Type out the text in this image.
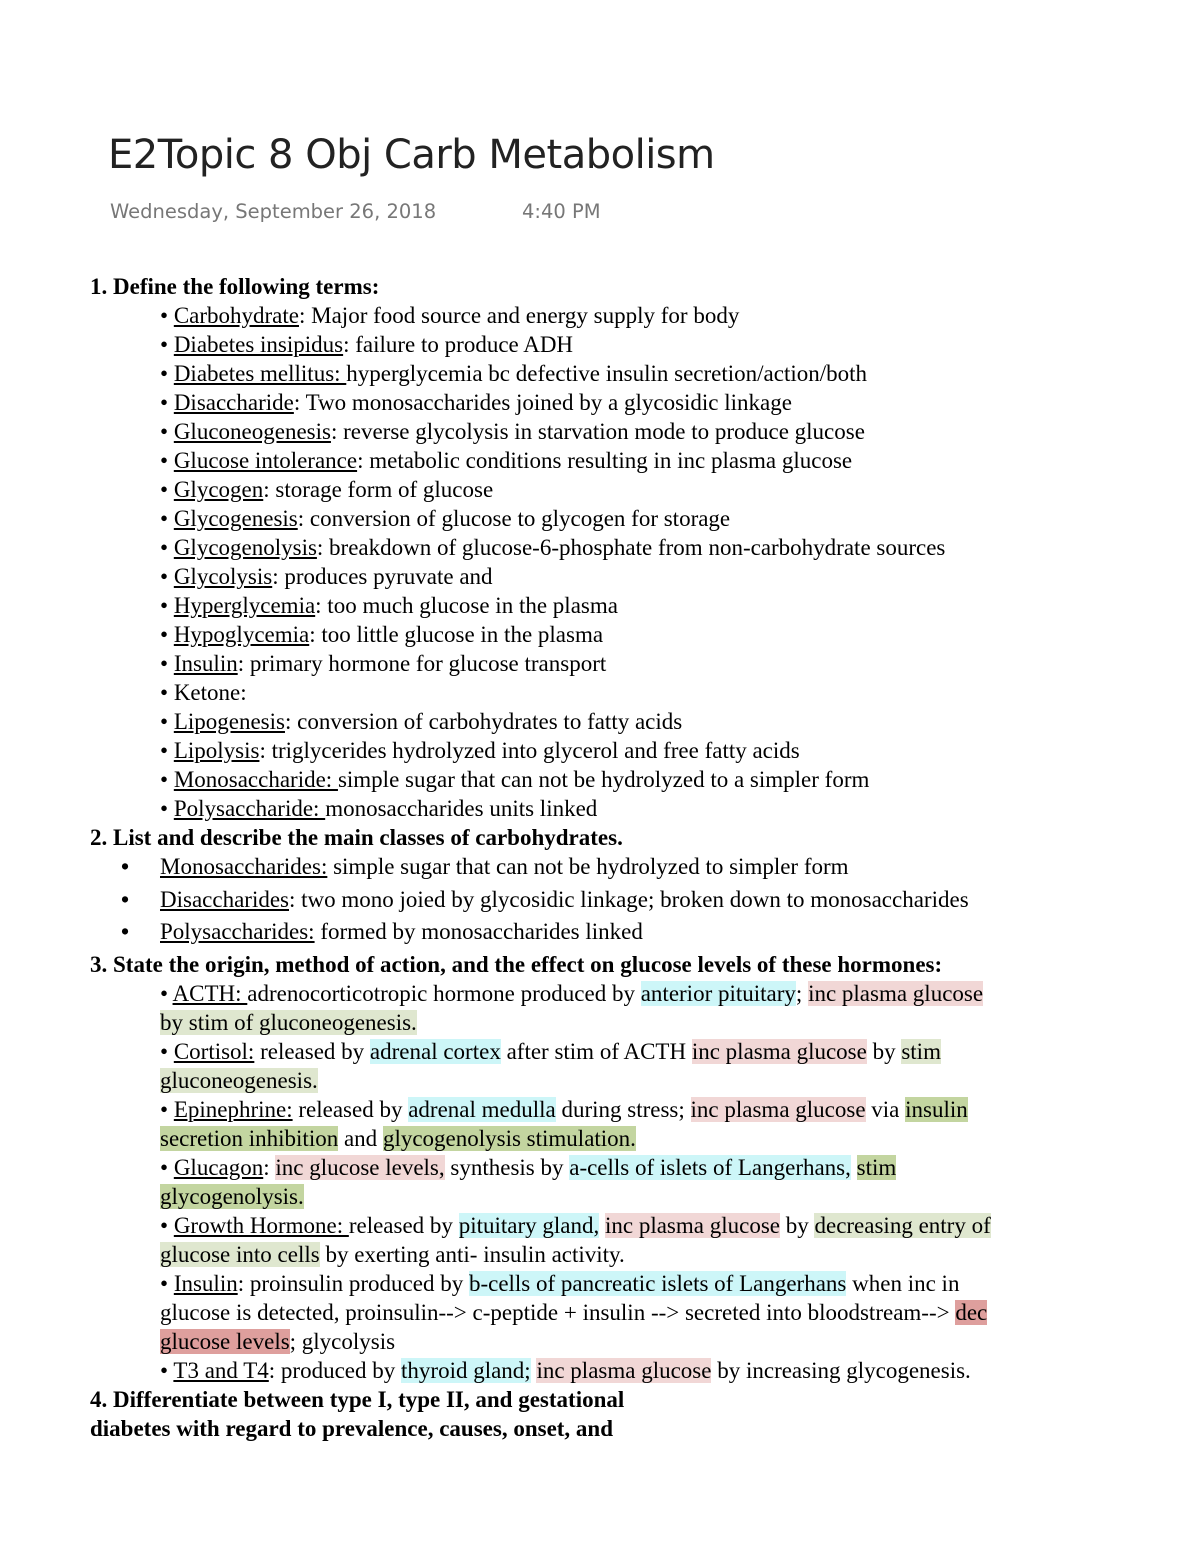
E2Topic 8 Obj Carb Metabolism
Wednesday, September 26, 2018	4:40 PM
1. Define the following terms:
• Carbohydrate: Major food source and energy supply for body
• Diabetes insipidus: failure to produce ADH
• Diabetes mellitus: hyperglycemia bc defective insulin secretion/action/both
• Disaccharide: Two monosaccharides joined by a glycosidic linkage
• Gluconeogenesis: reverse glycolysis in starvation mode to produce glucose
• Glucose intolerance: metabolic conditions resulting in inc plasma glucose
• Glycogen: storage form of glucose
• Glycogenesis: conversion of glucose to glycogen for storage
• Glycogenolysis: breakdown of glucose-6-phosphate from non-carbohydrate sources
• Glycolysis: produces pyruvate and
• Hyperglycemia: too much glucose in the plasma
• Hypoglycemia: too little glucose in the plasma
• Insulin: primary hormone for glucose transport
• Ketone:
• Lipogenesis: conversion of carbohydrates to fatty acids
• Lipolysis: triglycerides hydrolyzed into glycerol and free fatty acids
• Monosaccharide: simple sugar that can not be hydrolyzed to a simpler form
• Polysaccharide: monosaccharides units linked
2. List and describe the main classes of carbohydrates.
•	Monosaccharides: simple sugar that can not be hydrolyzed to simpler form
•	Disaccharides: two mono joied by glycosidic linkage; broken down to monosaccharides
•	Polysaccharides: formed by monosaccharides linked
3. State the origin, method of action, and the effect on glucose levels of these hormones:
• ACTH: adrenocorticotropic hormone produced by anterior pituitary; inc plasma glucose
by stim of gluconeogenesis.
• Cortisol: released by adrenal cortex after stim of ACTH inc plasma glucose by stim
gluconeogenesis.
• Epinephrine: released by adrenal medulla during stress; inc plasma glucose via insulin
secretion inhibition and glycogenolysis stimulation.
• Glucagon: inc glucose levels, synthesis by a-cells of islets of Langerhans, stim
glycogenolysis.
• Growth Hormone: released by pituitary gland, inc plasma glucose by decreasing entry of
glucose into cells by exerting anti- insulin activity.
• Insulin: proinsulin produced by b-cells of pancreatic islets of Langerhans when inc in
glucose is detected, proinsulin--> c-peptide + insulin --> secreted into bloodstream--> dec
glucose levels; glycolysis
• T3 and T4: produced by thyroid gland; inc plasma glucose by increasing glycogenesis.
4. Differentiate between type I, type II, and gestational
diabetes with regard to prevalence, causes, onset, and
